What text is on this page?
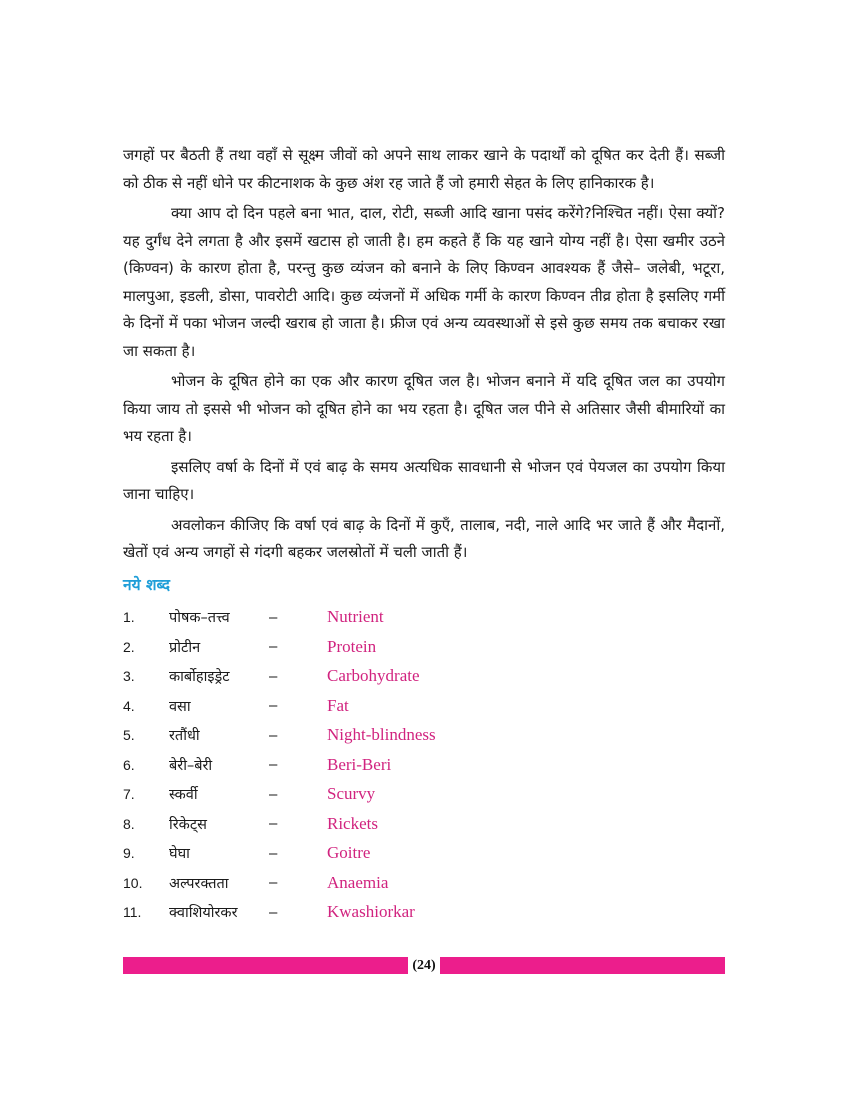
जगहों पर बैठती हैं तथा वहाँ से सूक्ष्म जीवों को अपने साथ लाकर खाने के पदार्थों को दूषित कर देती हैं। सब्जी को ठीक से नहीं धोने पर कीटनाशक के कुछ अंश रह जाते हैं जो हमारी सेहत के लिए हानिकारक है।

क्या आप दो दिन पहले बना भात, दाल, रोटी, सब्जी आदि खाना पसंद करेंगे?निश्चित नहीं। ऐसा क्यों?यह दुर्गंध देने लगता है और इसमें खटास हो जाती है। हम कहते हैं कि यह खाने योग्य नहीं है। ऐसा खमीर उठने (किण्वन) के कारण होता है, परन्तु कुछ व्यंजन को बनाने के लिए किण्वन आवश्यक हैं जैसे– जलेबी, भटूरा, मालपुआ, इडली, डोसा, पावरोटी आदि। कुछ व्यंजनों में अधिक गर्मी के कारण किण्वन तीव्र होता है इसलिए गर्मी के दिनों में पका भोजन जल्दी खराब हो जाता है। फ्रीज एवं अन्य व्यवस्थाओं से इसे कुछ समय तक बचाकर रखा जा सकता है।

भोजन के दूषित होने का एक और कारण दूषित जल है। भोजन बनाने में यदि दूषित जल का उपयोग किया जाय तो इससे भी भोजन को दूषित होने का भय रहता है। दूषित जल पीने से अतिसार जैसी बीमारियों का भय रहता है।

इसलिए वर्षा के दिनों में एवं बाढ़ के समय अत्यधिक सावधानी से भोजन एवं पेयजल का उपयोग किया जाना चाहिए।

अवलोकन कीजिए कि वर्षा एवं बाढ़ के दिनों में कुएँ, तालाब, नदी, नाले आदि भर जाते हैं और मैदानों, खेतों एवं अन्य जगहों से गंदगी बहकर जलस्रोतों में चली जाती हैं।

नये शब्द
1.	पोषक–तत्त्व	–	Nutrient
2.	प्रोटीन	–	Protein
3.	कार्बोहाइड्रेट	–	Carbohydrate
4.	वसा	–	Fat
5.	रतौंधी	–	Night-blindness
6.	बेरी–बेरी	–	Beri-Beri
7.	स्कर्वी	–	Scurvy
8.	रिकेट्स	–	Rickets
9.	घेघा	–	Goitre
10.	अल्परक्तता	–	Anaemia
11.	क्वाशियोरकर	–	Kwashiorkar
(24)
